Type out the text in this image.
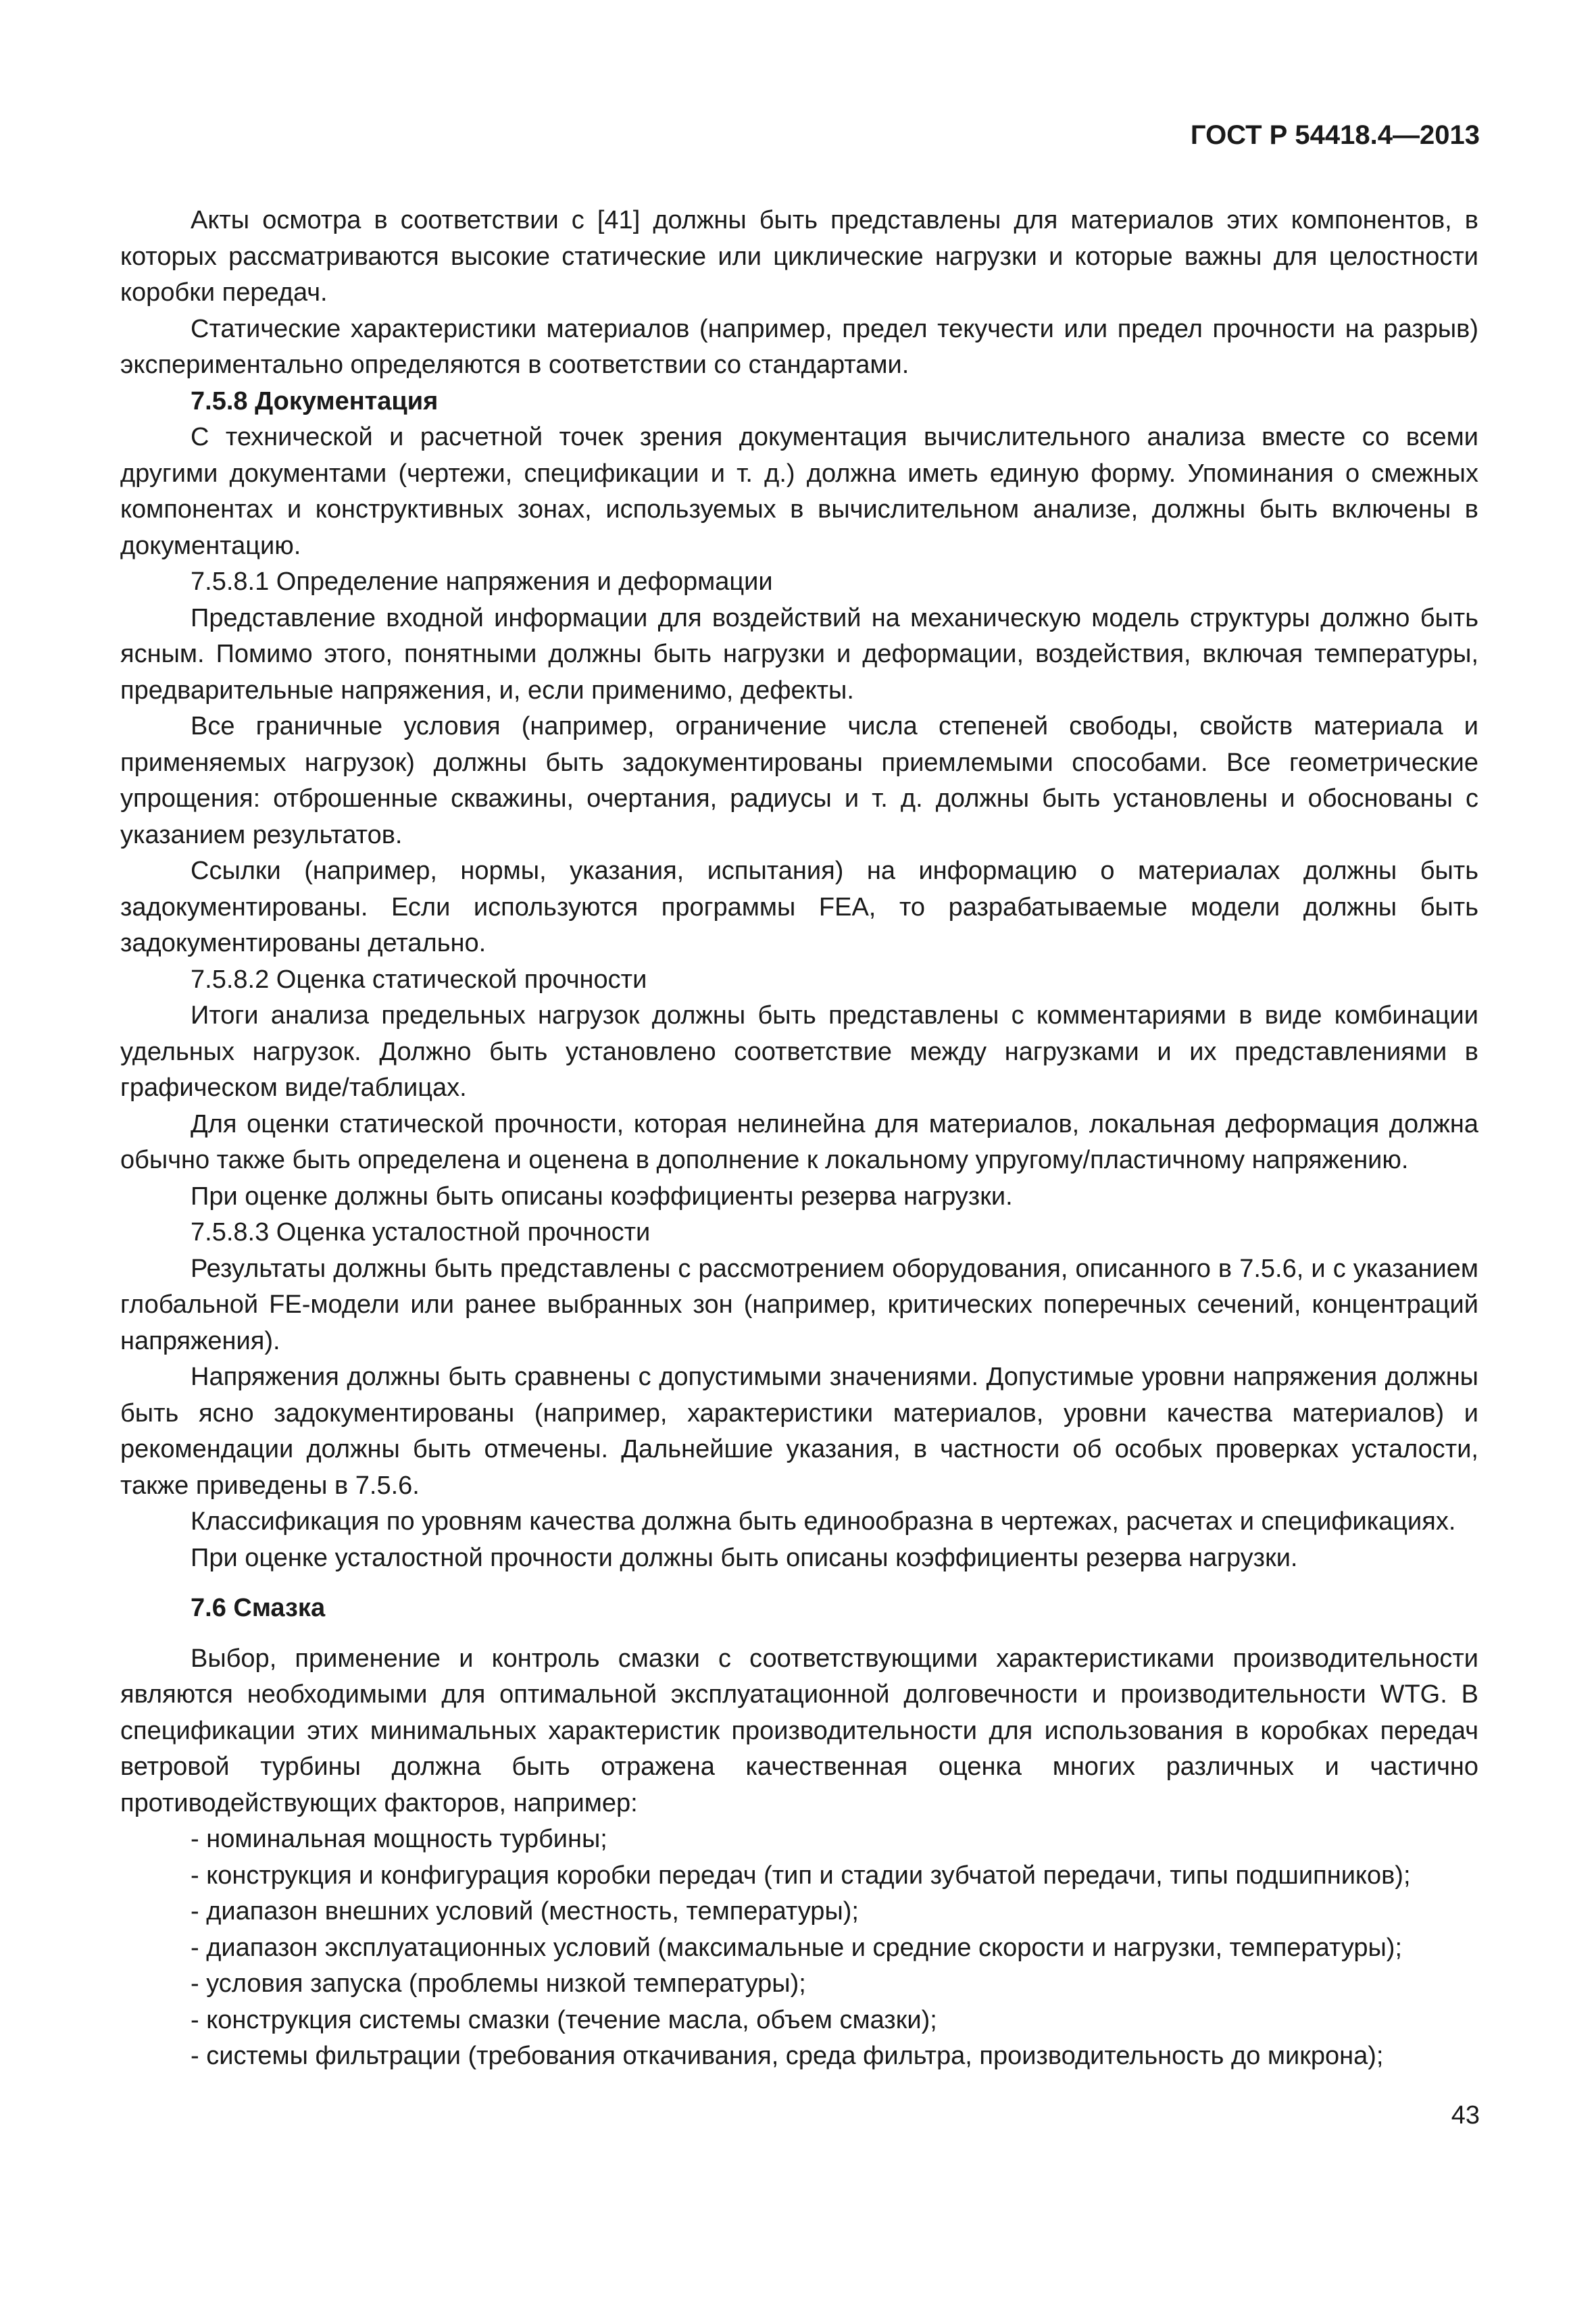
ГОСТ Р 54418.4—2013

Акты осмотра в соответствии с [41] должны быть представлены для материалов этих компонентов, в которых рассматриваются высокие статические или циклические нагрузки и которые важны для целостности коробки передач.

Статические характеристики материалов (например, предел текучести или предел прочности на разрыв) экспериментально определяются в соответствии со стандартами.

7.5.8 Документация

С технической и расчетной точек зрения документация вычислительного анализа вместе со всеми другими документами (чертежи, спецификации и т. д.) должна иметь единую форму. Упоминания о смежных компонентах и конструктивных зонах, используемых в вычислительном анализе, должны быть включены в документацию.

7.5.8.1 Определение напряжения и деформации

Представление входной информации для воздействий на механическую модель структуры должно быть ясным. Помимо этого, понятными должны быть нагрузки и деформации, воздействия, включая температуры, предварительные напряжения, и, если применимо, дефекты.

Все граничные условия (например, ограничение числа степеней свободы, свойств материала и применяемых нагрузок) должны быть задокументированы приемлемыми способами. Все геометрические упрощения: отброшенные скважины, очертания, радиусы и т. д. должны быть установлены и обоснованы с указанием результатов.

Ссылки (например, нормы, указания, испытания) на информацию о материалах должны быть задокументированы. Если используются программы FEA, то разрабатываемые модели должны быть задокументированы детально.

7.5.8.2 Оценка статической прочности

Итоги анализа предельных нагрузок должны быть представлены с комментариями в виде комбинации удельных нагрузок. Должно быть установлено соответствие между нагрузками и их представлениями в графическом виде/таблицах.

Для оценки статической прочности, которая нелинейна для материалов, локальная деформация должна обычно также быть определена и оценена в дополнение к локальному упругому/пластичному напряжению.

При оценке должны быть описаны коэффициенты резерва нагрузки.

7.5.8.3 Оценка усталостной прочности

Результаты должны быть представлены с рассмотрением оборудования, описанного в 7.5.6, и с указанием глобальной FE-модели или ранее выбранных зон (например, критических поперечных сечений, концентраций напряжения).

Напряжения должны быть сравнены с допустимыми значениями. Допустимые уровни напряжения должны быть ясно задокументированы (например, характеристики материалов, уровни качества материалов) и рекомендации должны быть отмечены. Дальнейшие указания, в частности об особых проверках усталости, также приведены в 7.5.6.

Классификация по уровням качества должна быть единообразна в чертежах, расчетах и спецификациях.

При оценке усталостной прочности должны быть описаны коэффициенты резерва нагрузки.

7.6 Смазка

Выбор, применение и контроль смазки с соответствующими характеристиками производительности являются необходимыми для оптимальной эксплуатационной долговечности и производительности WTG. В спецификации этих минимальных характеристик производительности для использования в коробках передач ветровой турбины должна быть отражена качественная оценка многих различных и частично противодействующих факторов, например:

- номинальная мощность турбины;

- конструкция и конфигурация коробки передач (тип и стадии зубчатой передачи, типы подшипников);

- диапазон внешних условий (местность, температуры);

- диапазон эксплуатационных условий (максимальные и средние скорости и нагрузки, температуры);

- условия запуска (проблемы низкой температуры);

- конструкция системы смазки (течение масла, объем смазки);

- системы фильтрации (требования откачивания, среда фильтра, производительность до микрона);

43
